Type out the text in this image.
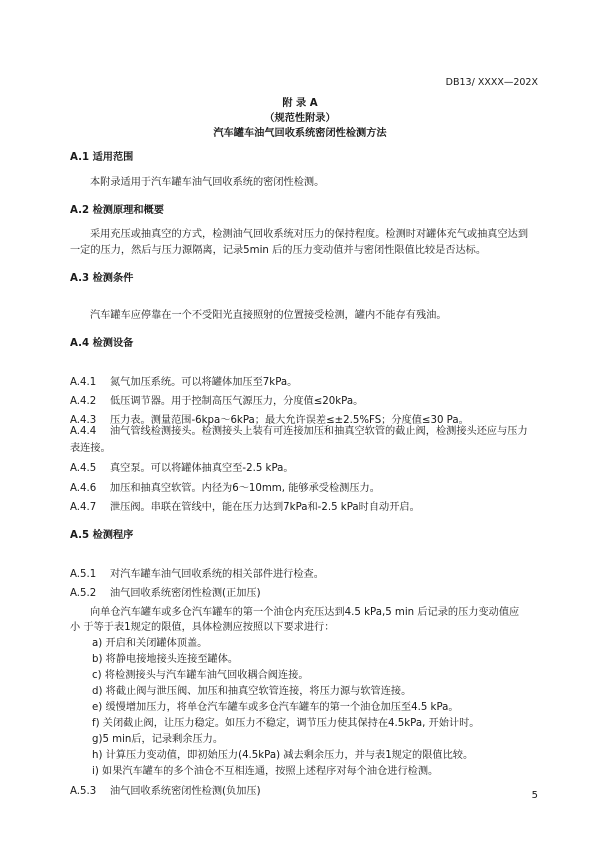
DB13/ XXXX—202X
附 录 A
（规范性附录）
汽车罐车油气回收系统密闭性检测方法
A.1 适用范围
本附录适用于汽车罐车油气回收系统的密闭性检测。
A.2 检测原理和概要
采用充压或抽真空的方式，检测油气回收系统对压力的保持程度。检测时对罐体充气或抽真空达到
一定的压力，然后与压力源隔离，记录5min 后的压力变动值并与密闭性限值比较是否达标。
A.3 检测条件
汽车罐车应停靠在一个不受阳光直接照射的位置接受检测，罐内不能存有残油。
A.4 检测设备
A.4.1 氮气加压系统。可以将罐体加压至7kPa。
A.4.2 低压调节器。用于控制高压气源压力，分度值≤20kPa。
A.4.3 压力表。测量范围-6kpa～6kPa；最大允许误差≤±2.5%FS；分度值≤30 Pa。
A.4.4 油气管线检测接头。检测接头上装有可连接加压和抽真空软管的截止阀，检测接头还应与压力
表连接。
A.4.5 真空泵。可以将罐体抽真空至-2.5 kPa。
A.4.6 加压和抽真空软管。内径为6～10mm, 能够承受检测压力。
A.4.7 泄压阀。串联在管线中，能在压力达到7kPa和-2.5 kPa时自动开启。
A.5 检测程序
A.5.1 对汽车罐车油气回收系统的相关部件进行检查。
A.5.2 油气回收系统密闭性检测(正加压)
向单仓汽车罐车或多仓汽车罐车的第一个油仓内充压达到4.5 kPa,5 min 后记录的压力变动值应
小 于等于表1规定的限值，具体检测应按照以下要求进行：
a) 开启和关闭罐体顶盖。
b) 将静电接地接头连接至罐体。
c) 将检测接头与汽车罐车油气回收耦合阀连接。
d) 将截止阀与泄压阀、加压和抽真空软管连接，将压力源与软管连接。
e) 缓慢增加压力，将单仓汽车罐车或多仓汽车罐车的第一个油仓加压至4.5 kPa。
f) 关闭截止阀，让压力稳定。如压力不稳定，调节压力使其保持在4.5kPa, 开始计时。
g)5 min后，记录剩余压力。
h) 计算压力变动值，即初始压力(4.5kPa) 减去剩余压力，并与表1规定的限值比较。
i) 如果汽车罐车的多个油仓不互相连通，按照上述程序对每个油仓进行检测。
A.5.3 油气回收系统密闭性检测(负加压)	5
